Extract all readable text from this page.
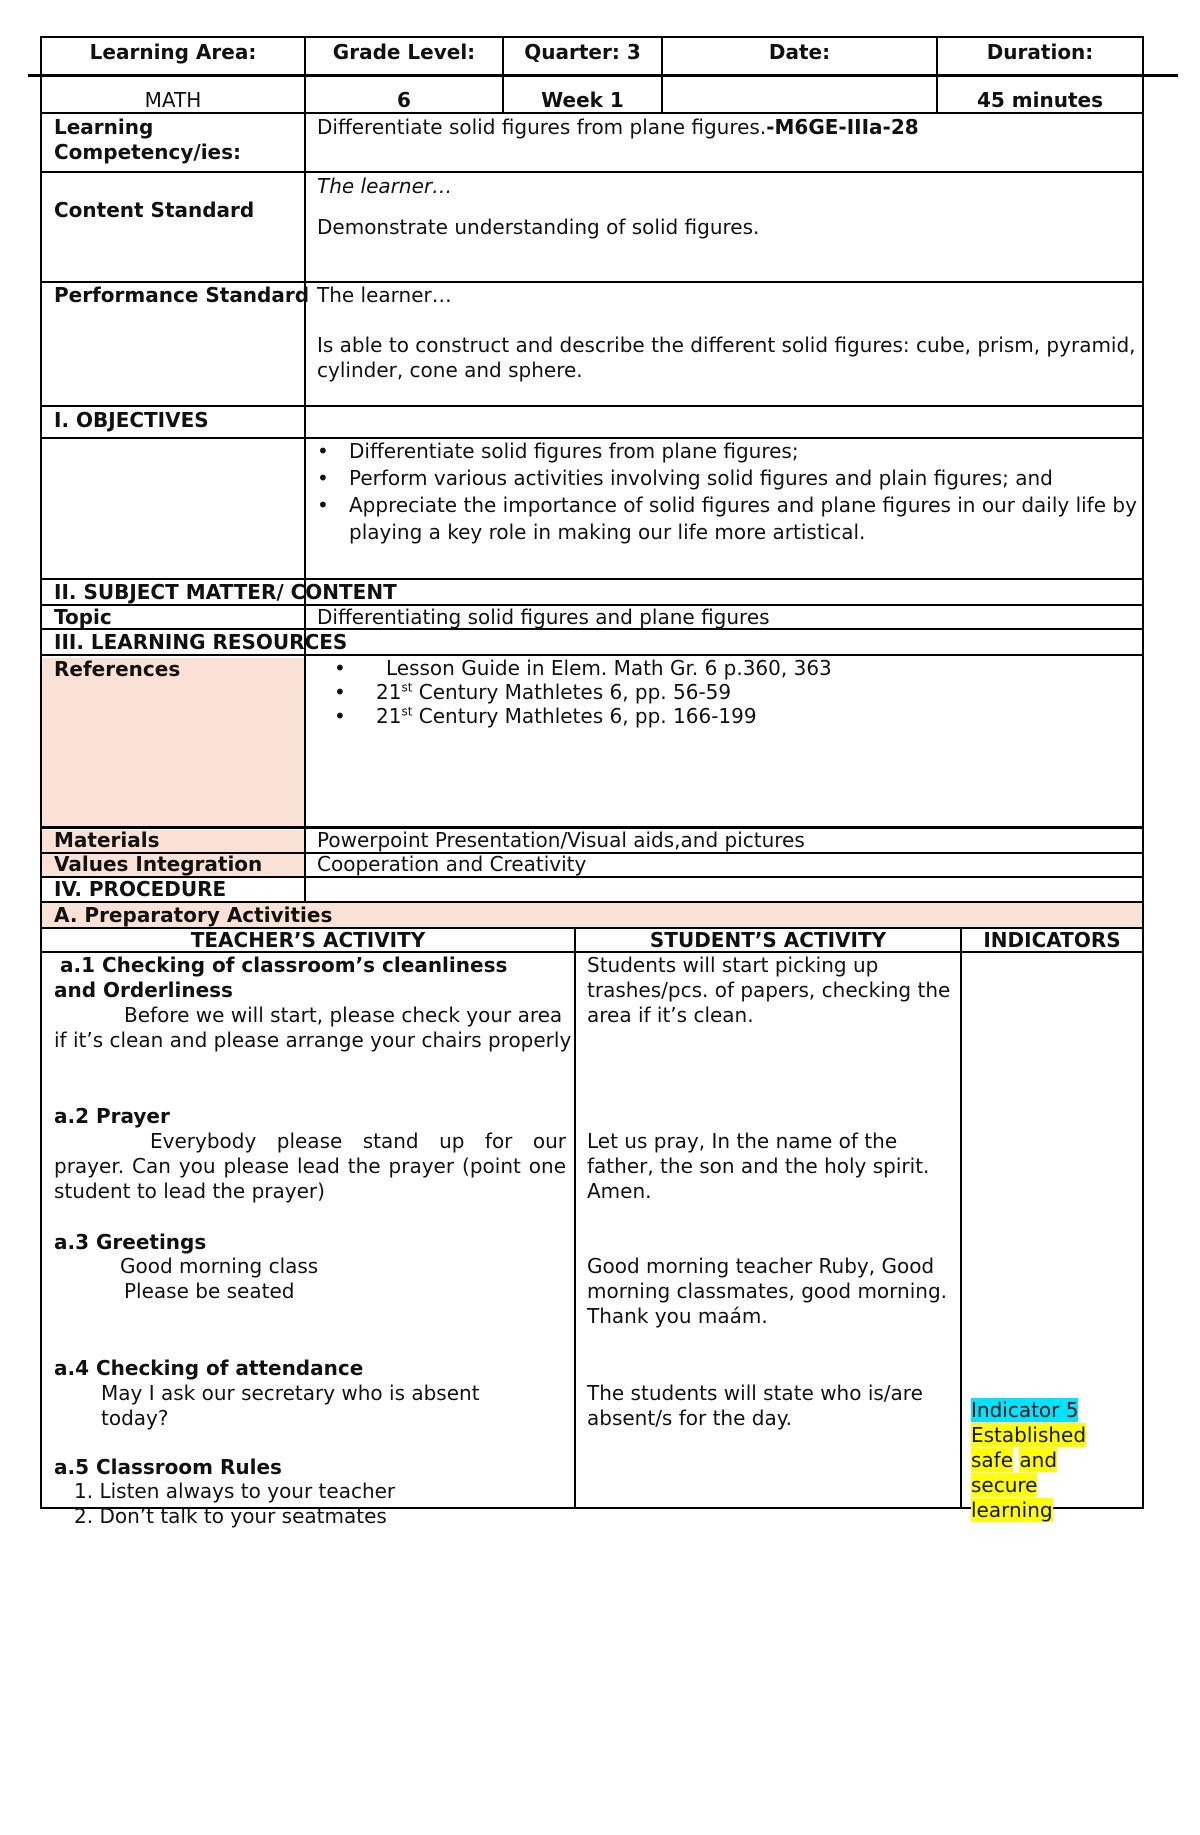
Learning Area:	Grade Level:	Quarter: 3	Date:	Duration:
MATH	6	Week 1	45 minutes
Learning Competency/ies:
Differentiate solid figures from plane figures.-M6GE-IIIa-28
Content Standard
The learner…
Demonstrate understanding of solid figures.
Performance Standard The learner…
Is able to construct and describe the different solid figures: cube, prism, pyramid, cylinder, cone and sphere.
I. OBJECTIVES
• Differentiate solid figures from plane figures;
• Perform various activities involving solid figures and plain figures; and
• Appreciate the importance of solid figures and plane figures in our daily life by playing a key role in making our life more artistical.
II. SUBJECT MATTER/ CONTENT
Topic	Differentiating solid figures and plane figures
III. LEARNING RESOURCES
References
•	Lesson Guide in Elem. Math Gr. 6 p.360, 363
• 21st Century Mathletes 6, pp. 56-59
• 21st Century Mathletes 6, pp. 166-199
Materials	Powerpoint Presentation/Visual aids,and pictures
Values Integration	Cooperation and Creativity
IV. PROCEDURE
A. Preparatory Activities
TEACHER’S ACTIVITY	STUDENT’S ACTIVITY	INDICATORS
a.1 Checking of classroom’s cleanliness and Orderliness
Before we will start, please check your area if it’s clean and please arrange your chairs properly
a.2 Prayer
Everybody please stand up for our prayer. Can you please lead the prayer (point one student to lead the prayer)
a.3 Greetings
Good morning class
Please be seated
a.4 Checking of attendance
May I ask our secretary who is absent today?
a.5 Classroom Rules
1. Listen always to your teacher
2. Don’t talk to your seatmates
Students will start picking up trashes/pcs. of papers, checking the area if it’s clean.
Let us pray, In the name of the father, the son and the holy spirit. Amen.
Good morning teacher Ruby, Good morning classmates, good morning. Thank you maám.
The students will state who is/are absent/s for the day.	Indicator 5
Established
safe and
secure
learning
